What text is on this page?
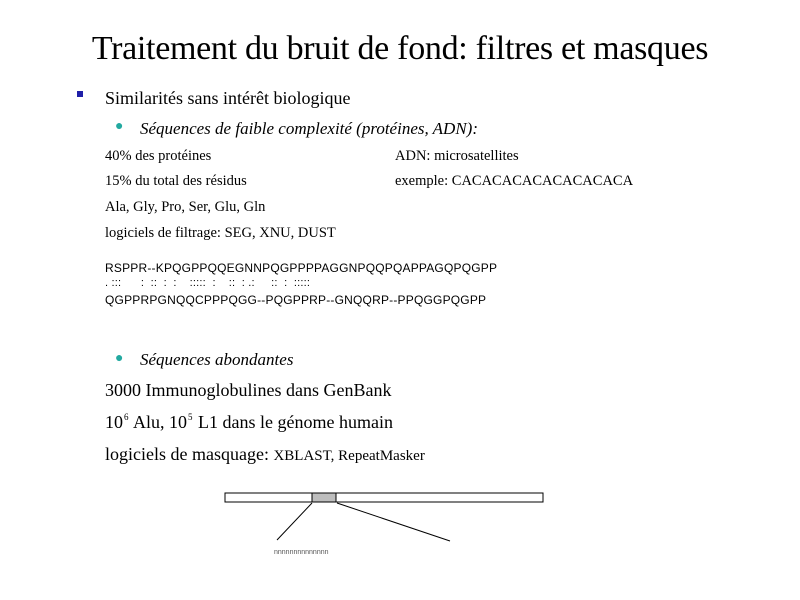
Traitement du bruit de fond: filtres et masques
Similarités sans intérêt biologique
● Séquences de faible complexité (protéines, ADN):
40% des protéines	ADN: microsatellites
15% du total des résidus	exemple: CACACACACACACACACA
Ala, Gly, Pro, Ser, Glu, Gln
logiciels de filtrage: SEG, XNU, DUST
RSPPR--KPQGPPQQEGNNPQGPPPPAGGNPQQPQAPPAGQPQGPP
. :::      :  ::  :  :    :::::  :    ::  : .:     ::  :  :::::
QGPPRPGNQQCPPPQGG--PQGPPRP--GNQQRP--PPQGGPQGPP
● Séquences abondantes
3000 Immunoglobulines dans GenBank
$10^6$ Alu, $10^5$ L1 dans le génome humain
logiciels de masquage: XBLAST, RepeatMasker
nnnnnnnnnnnnnn
